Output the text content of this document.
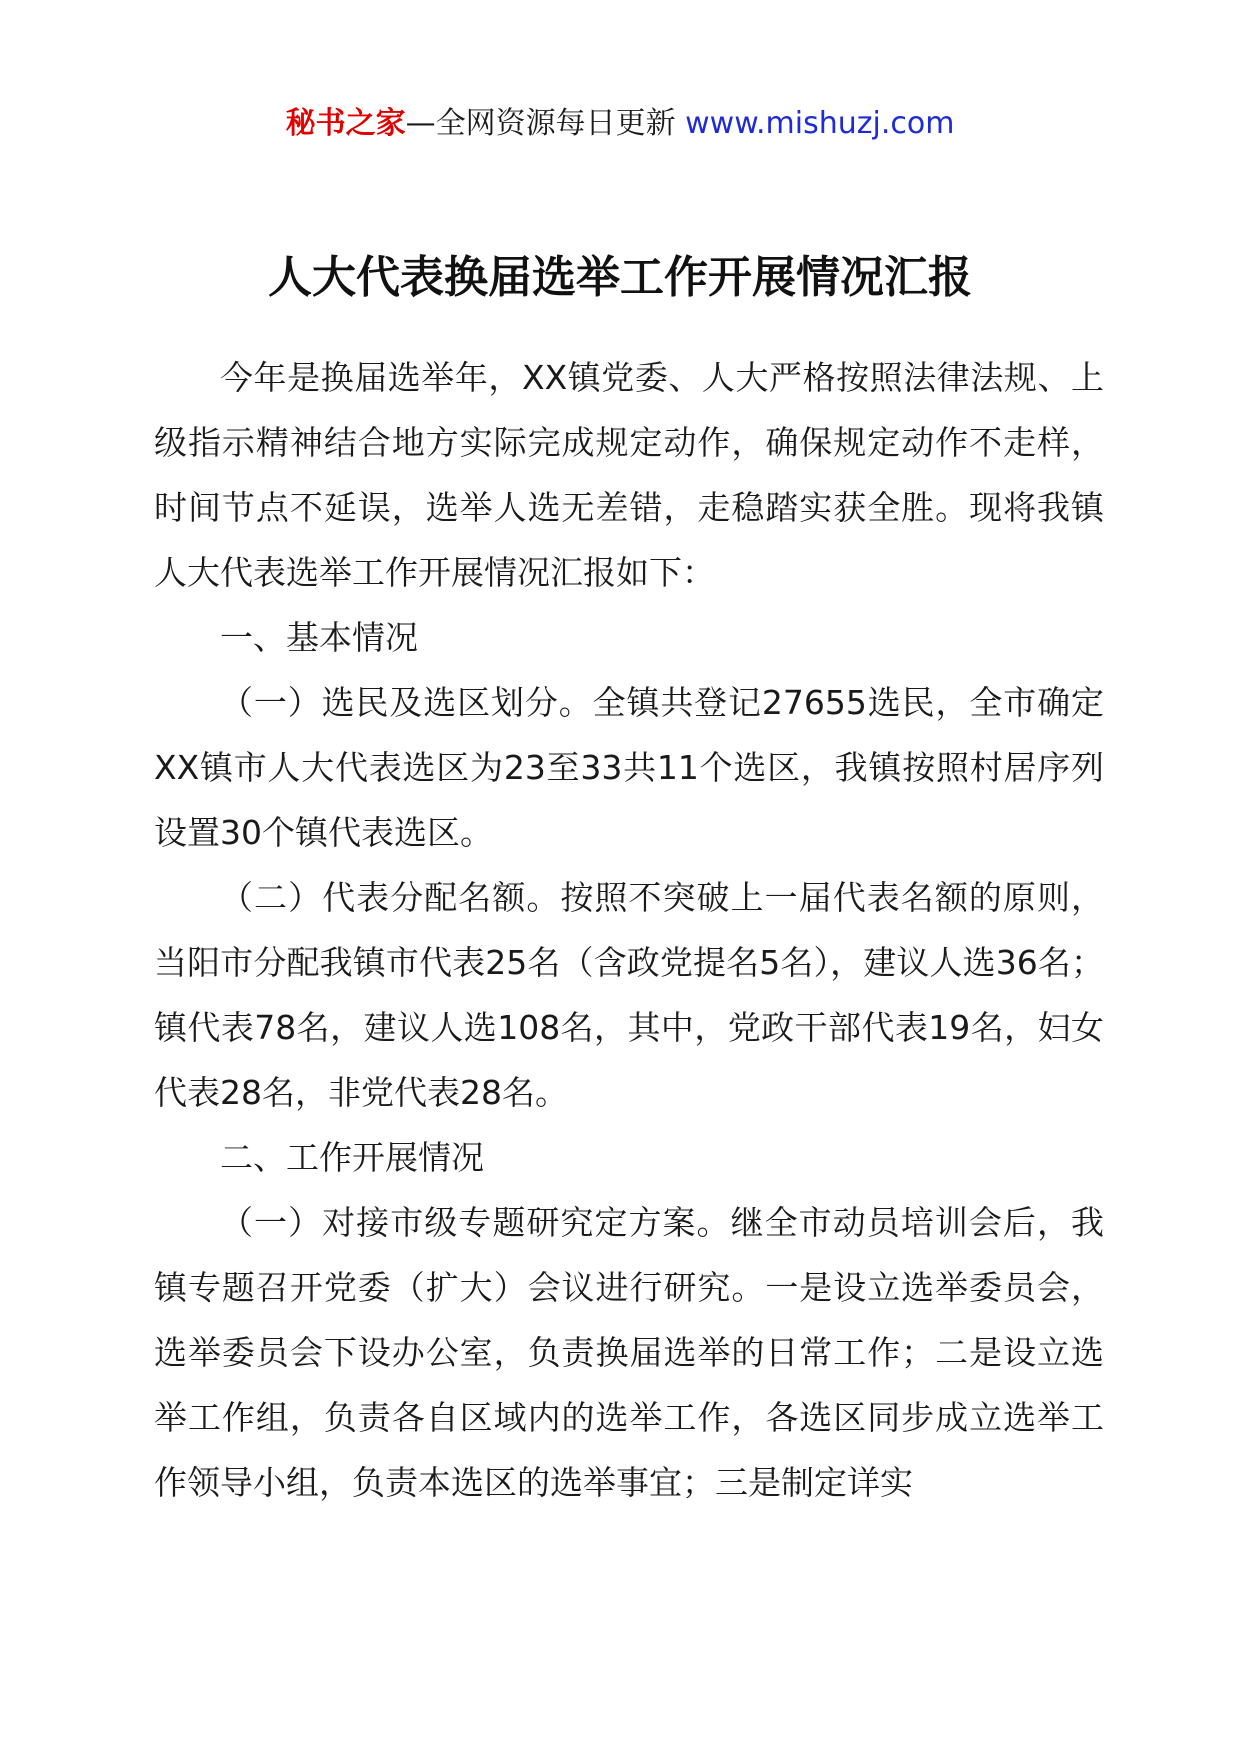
秘书之家—全网资源每日更新 www.mishuzj.com
人大代表换届选举工作开展情况汇报

今年是换届选举年，XX镇党委、人大严格按照法律法规、上级指示精神结合地方实际完成规定动作，确保规定动作不走样，时间节点不延误，选举人选无差错，走稳踏实获全胜。现将我镇人大代表选举工作开展情况汇报如下：

一、基本情况

（一）选民及选区划分。全镇共登记27655选民，全市确定XX镇市人大代表选区为23至33共11个选区，我镇按照村居序列设置30个镇代表选区。

（二）代表分配名额。按照不突破上一届代表名额的原则，当阳市分配我镇市代表25名（含政党提名5名），建议人选36名；镇代表78名，建议人选108名，其中，党政干部代表19名，妇女代表28名，非党代表28名。

二、工作开展情况

（一）对接市级专题研究定方案。继全市动员培训会后，我镇专题召开党委（扩大）会议进行研究。一是设立选举委员会，选举委员会下设办公室，负责换届选举的日常工作；二是设立选举工作组，负责各自区域内的选举工作，各选区同步成立选举工作领导小组，负责本选区的选举事宜；三是制定详实
